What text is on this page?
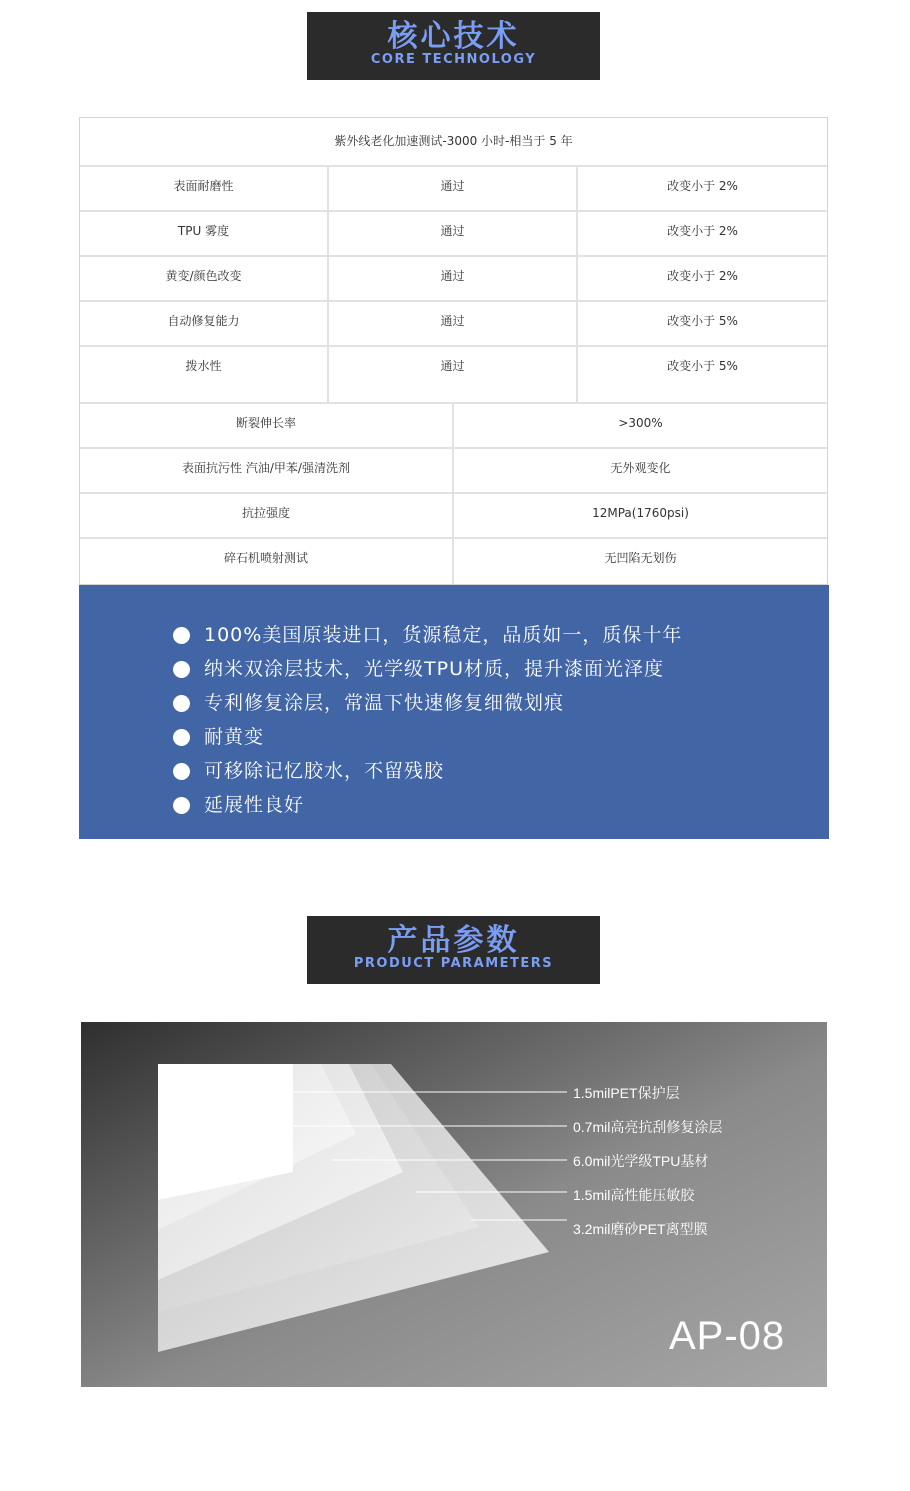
核心技术
CORE TECHNOLOGY
紫外线老化加速测试-3000 小时-相当于 5 年
表面耐磨性	通过	改变小于 2%
TPU 雾度	通过	改变小于 2%
黄变/颜色改变	通过	改变小于 2%
自动修复能力	通过	改变小于 5%
拨水性	通过	改变小于 5%
断裂伸长率	>300%
表面抗污性 汽油/甲苯/强清洗剂	无外观变化
抗拉强度	12MPa(1760psi)
碎石机喷射测试	无凹陷无划伤
100%美国原装进口，货源稳定，品质如一，质保十年
纳米双涂层技术，光学级TPU材质，提升漆面光泽度
专利修复涂层，常温下快速修复细微划痕
耐黄变
可移除记忆胶水，不留残胶
延展性良好
产品参数
PRODUCT PARAMETERS
1.5milPET保护层
0.7mil高亮抗刮修复涂层
6.0mil光学级TPU基材
1.5mil高性能压敏胶
3.2mil磨砂PET离型膜
AP-08
